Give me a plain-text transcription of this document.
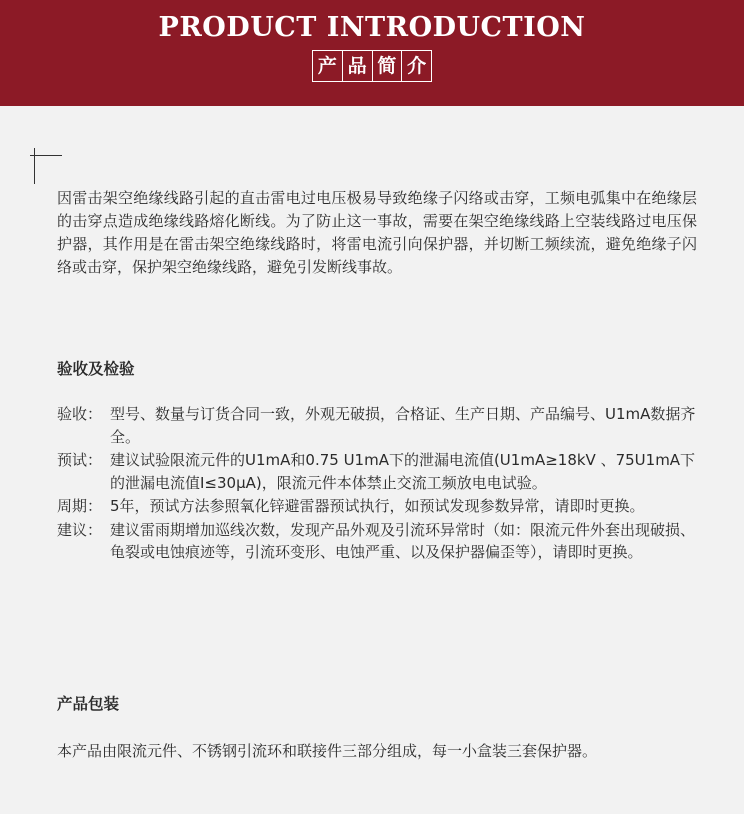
PRODUCT INTRODUCTION
产 品 简 介
因雷击架空绝缘线路引起的直击雷电过电压极易导致绝缘子闪络或击穿，工频电弧集中在绝缘层的击穿点造成绝缘线路熔化断线。为了防止这一事故，需要在架空绝缘线路上空装线路过电压保护器，其作用是在雷击架空绝缘线路时，将雷电流引向保护器，并切断工频续流，避免绝缘子闪络或击穿，保护架空绝缘线路，避免引发断线事故。
验收及检验
验收： 型号、数量与订货合同一致，外观无破损，合格证、生产日期、产品编号、U1mA数据齐全。
预试： 建议试验限流元件的U1mA和0.75 U1mA下的泄漏电流值(U1mA≥18kV 、75U1mA下的泄漏电流值I≤30μA)，限流元件本体禁止交流工频放电电试验。
周期： 5年，预试方法参照氧化锌避雷器预试执行，如预试发现参数异常，请即时更换。
建议： 建议雷雨期增加巡线次数，发现产品外观及引流环异常时（如：限流元件外套出现破损、龟裂或电蚀痕迹等，引流环变形、电蚀严重、以及保护器偏歪等），请即时更换。
产品包装
本产品由限流元件、不锈钢引流环和联接件三部分组成，每一小盒装三套保护器。
